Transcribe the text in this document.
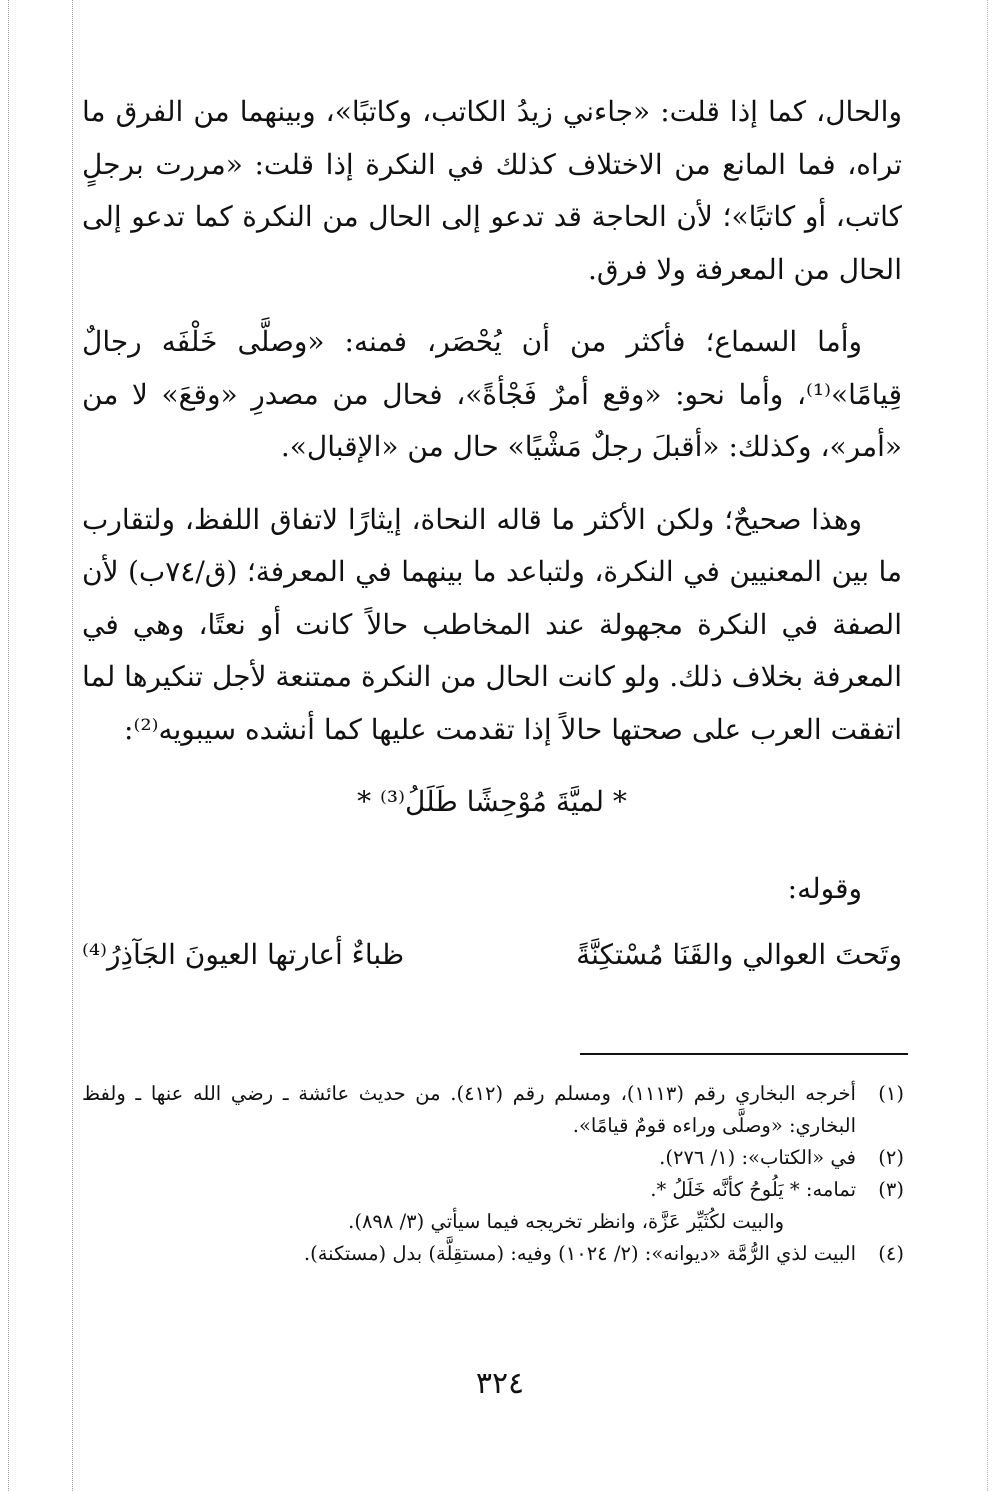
والحال، كما إذا قلت: «جاءني زيدُ الكاتب، وكاتبًا»، وبينهما من الفرق ما تراه، فما المانع من الاختلاف كذلك في النكرة إذا قلت: «مررت برجلٍ كاتب، أو كاتبًا»؛ لأن الحاجة قد تدعو إلى الحال من النكرة كما تدعو إلى الحال من المعرفة ولا فرق.

وأما السماع؛ فأكثر من أن يُحْصَر، فمنه: «وصلَّى خَلْفَه رجالٌ قِيامًا»⁽¹⁾، وأما نحو: «وقع أمرٌ فَجْأةً»، فحال من مصدرِ «وقعَ» لا من «أمر»، وكذلك: «أقبلَ رجلٌ مَشْيًا» حال من «الإقبال».

وهذا صحيحٌ؛ ولكن الأكثر ما قاله النحاة، إيثارًا لاتفاق اللفظ، ولتقارب ما بين المعنيين في النكرة، ولتباعد ما بينهما في المعرفة؛ (ق/٧٤ب) لأن الصفة في النكرة مجهولة عند المخاطب حالاً كانت أو نعتًا، وهي في المعرفة بخلاف ذلك. ولو كانت الحال من النكرة ممتنعة لأجل تنكيرها لما اتفقت العرب على صحتها حالاً إذا تقدمت عليها كما أنشده سيبويه⁽²⁾:

* لميَّةَ مُوْحِشًا طَلَلُ⁽³⁾ *
وقوله:
وتَحتَ العوالي والقَنَا مُسْتكِنَّةً
ظباءٌ أعارتها العيونَ الجَآذِرُ⁽⁴⁾
(١)
أخرجه البخاري رقم (١١١٣)، ومسلم رقم (٤١٢). من حديث عائشة ـ رضي الله عنها ـ ولفظ البخاري: «وصلَّى وراءه قومٌ قيامًا».
(٢)
في «الكتاب»: (١/ ٢٧٦).
(٣)
تمامه: * يَلُوحُ كأنَّه خَلَلُ *.
والبيت لكُثَيِّر عَزَّة، وانظر تخريجه فيما سيأتي (٣/ ٨٩٨).
(٤)
البيت لذي الرُّمَّة «ديوانه»: (٢/ ١٠٢٤) وفيه: (مستقِلَّة) بدل (مستكنة).
٣٢٤
